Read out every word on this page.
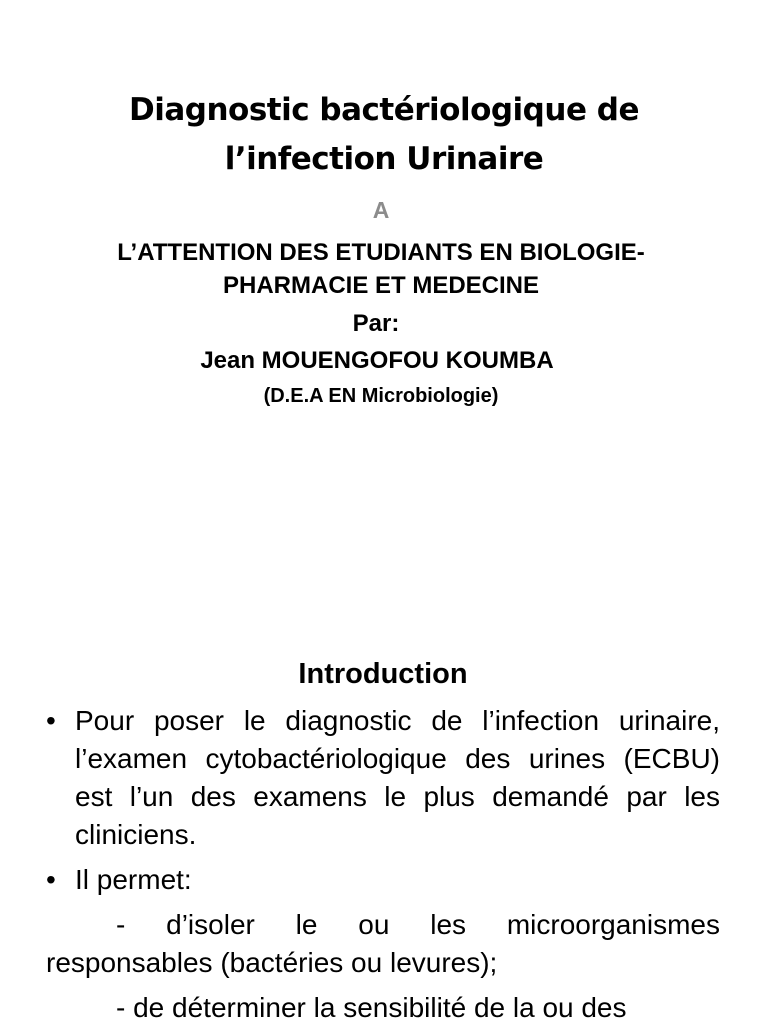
Diagnostic bactériologique de
l’infection Urinaire
A
L’ATTENTION DES ETUDIANTS EN BIOLOGIE-
PHARMACIE ET MEDECINE
Par:
Jean MOUENGOFOU KOUMBA
(D.E.A EN Microbiologie)
Introduction
• Pour poser le diagnostic de l’infection urinaire, l’examen cytobactériologique des urines (ECBU) est l’un des examens le plus demandé par les cliniciens.
• Il permet:
- d’isoler le ou les microorganismes responsables (bactéries ou levures);
- de déterminer la sensibilité de la ou des
